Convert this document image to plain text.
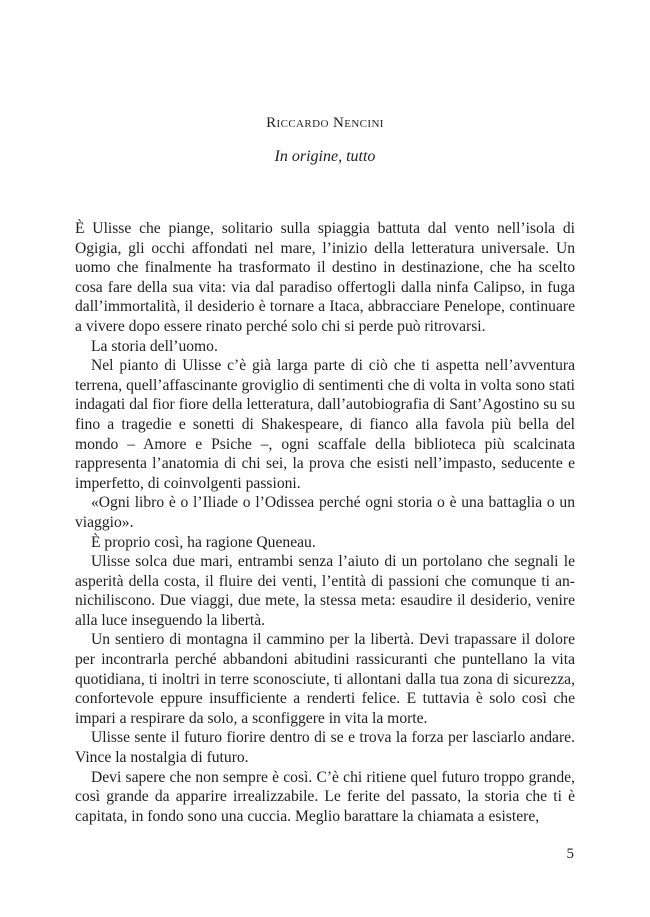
Riccardo Nencini
In origine, tutto

È Ulisse che piange, solitario sulla spiaggia battuta dal vento nell’isola di Ogigia, gli occhi affondati nel mare, l’inizio della letteratura universale. Un uomo che finalmente ha trasformato il destino in destinazione, che ha scelto cosa fare della sua vita: via dal paradiso offertogli dalla ninfa Calipso, in fuga dall’immortalità, il desiderio è tornare a Itaca, abbracciare Penelope, continuare a vivere dopo essere rinato perché solo chi si perde può ritrovarsi.

La storia dell’uomo.

Nel pianto di Ulisse c’è già larga parte di ciò che ti aspetta nell’avventura terrena, quell’affascinante groviglio di sentimenti che di volta in volta sono stati indagati dal fior fiore della letteratura, dall’autobiografia di Sant’Agostino su su fino a tragedie e sonetti di Shakespeare, di fianco alla favola più bella del mondo – Amore e Psiche –, ogni scaffale della biblioteca più scalcinata rappresenta l’anatomia di chi sei, la prova che esisti nell’impasto, seducente e imperfetto, di coinvolgenti passioni.

«Ogni libro è o l’Iliade o l’Odissea perché ogni storia o è una battaglia o un viaggio».

È proprio così, ha ragione Queneau.

Ulisse solca due mari, entrambi senza l’aiuto di un portolano che segnali le asperità della costa, il fluire dei venti, l’entità di passioni che comunque ti annichiliscono. Due viaggi, due mete, la stessa meta: esaudire il desiderio, venire alla luce inseguendo la libertà.

Un sentiero di montagna il cammino per la libertà. Devi trapassare il dolore per incontrarla perché abbandoni abitudini rassicuranti che puntellano la vita quotidiana, ti inoltri in terre sconosciute, ti allontani dalla tua zona di sicurezza, confortevole eppure insufficiente a renderti felice. E tuttavia è solo così che impari a respirare da solo, a sconfiggere in vita la morte.

Ulisse sente il futuro fiorire dentro di se e trova la forza per lasciarlo andare. Vince la nostalgia di futuro.

Devi sapere che non sempre è così. C’è chi ritiene quel futuro troppo grande, così grande da apparire irrealizzabile. Le ferite del passato, la storia che ti è capitata, in fondo sono una cuccia. Meglio barattare la chiamata a esistere,

5
